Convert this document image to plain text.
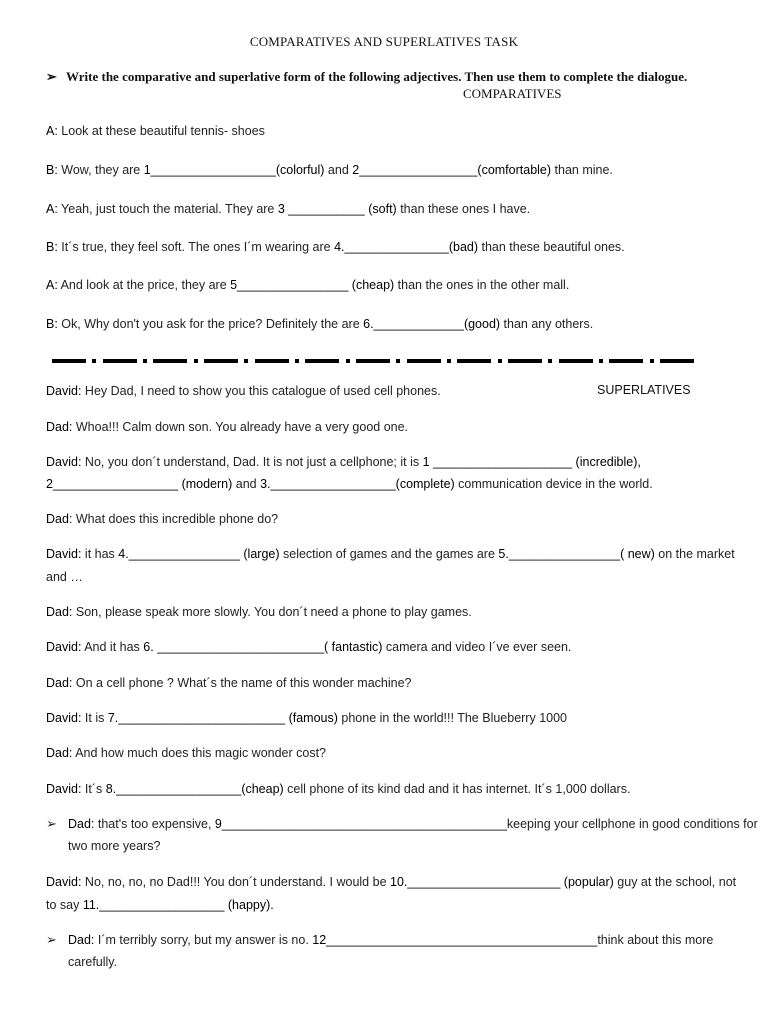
COMPARATIVES AND SUPERLATIVES TASK
➢ Write the comparative and superlative form of the following adjectives. Then use them to complete the dialogue.
COMPARATIVES
A: Look at these beautiful tennis- shoes
B: Wow, they are 1__________________(colorful) and 2_________________(comfortable) than mine.
A: Yeah, just touch the material. They are 3 ___________ (soft) than these ones I have.
B: It´s true, they feel soft. The ones I´m wearing are 4._______________(bad) than these beautiful ones.
A: And look at the price, they are 5________________ (cheap) than the ones in the other mall.
B: Ok, Why don't you ask for the price? Definitely the are 6._____________(good) than any others.
David: Hey Dad, I need to show you this catalogue of used cell phones.	SUPERLATIVES
Dad: Whoa!!! Calm down son. You already have a very good one.
David: No, you don´t understand, Dad. It is not just a cellphone; it is 1 ____________________ (incredible),
2__________________ (modern) and 3.__________________(complete) communication device in the world.
Dad: What does this incredible phone do?
David: it has 4.________________ (large) selection of games and the games are 5.________________( new) on the market
and …
Dad: Son, please speak more slowly. You don´t need a phone to play games.
David: And it has 6. ________________________( fantastic) camera and video I´ve ever seen.
Dad: On a cell phone ? What´s the name of this wonder machine?
David: It is 7.________________________ (famous) phone in the world!!! The Blueberry 1000
Dad: And how much does this magic wonder cost?
David: It´s 8.__________________(cheap) cell phone of its kind dad and it has internet. It´s 1,000 dollars.
➢ Dad: that's too expensive, 9_________________________________________keeping your cellphone in good conditions for
two more years?
David: No, no, no, no Dad!!! You don´t understand. I would be 10.______________________ (popular) guy at the school, not
to say 11.__________________ (happy).
➢ Dad: I´m terribly sorry, but my answer is no. 12_______________________________________think about this more
carefully.
